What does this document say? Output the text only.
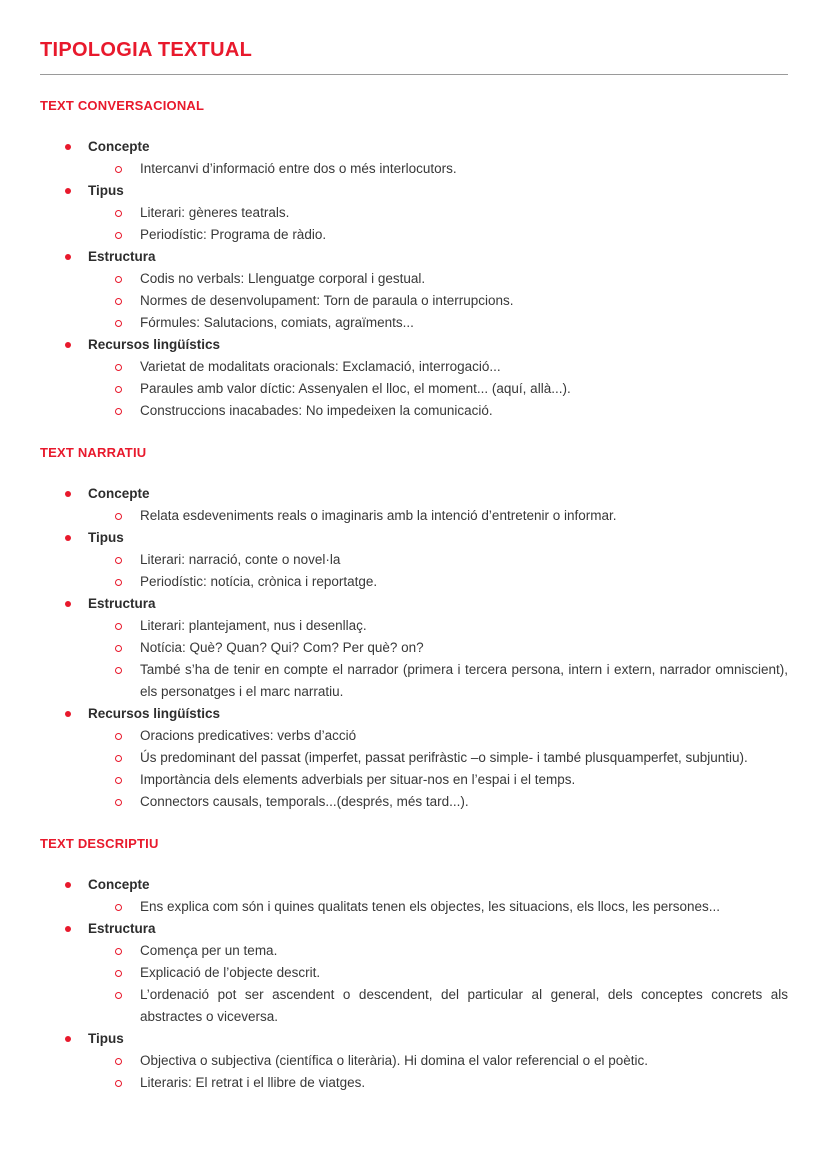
TIPOLOGIA TEXTUAL
TEXT CONVERSACIONAL
Concepte
Intercanvi d’informació entre dos o més interlocutors.
Tipus
Literari: gèneres teatrals.
Periodístic: Programa de ràdio.
Estructura
Codis no verbals: Llenguatge corporal i gestual.
Normes de desenvolupament: Torn de paraula o interrupcions.
Fórmules: Salutacions, comiats, agraïments...
Recursos lingüístics
Varietat de modalitats oracionals: Exclamació, interrogació...
Paraules amb valor díctic: Assenyalen el lloc, el moment... (aquí, allà...).
Construccions inacabades: No impedeixen la comunicació.
TEXT NARRATIU
Concepte
Relata esdeveniments reals o imaginaris amb la intenció d’entretenir o informar.
Tipus
Literari: narració, conte o novel·la
Periodístic: notícia, crònica i reportatge.
Estructura
Literari: plantejament, nus i desenllaç.
Notícia: Què? Quan? Qui? Com? Per què? on?
També s’ha de tenir en compte el narrador (primera i tercera persona, intern i extern, narrador omniscient), els personatges i el marc narratiu.
Recursos lingüístics
Oracions predicatives: verbs d’acció
Ús predominant del passat (imperfet, passat perifràstic –o simple- i també plusquamperfet, subjuntiu).
Importància dels elements adverbials per situar-nos en l’espai i el temps.
Connectors causals, temporals...(després, més tard...).
TEXT DESCRIPTIU
Concepte
Ens explica com són i quines qualitats tenen els objectes, les situacions, els llocs, les persones...
Estructura
Comença per un tema.
Explicació de l’objecte descrit.
L’ordenació pot ser ascendent o descendent, del particular al general, dels conceptes concrets als abstractes o viceversa.
Tipus
Objectiva o subjectiva (científica o literària). Hi domina el valor referencial o el poètic.
Literaris: El retrat i el llibre de viatges.
